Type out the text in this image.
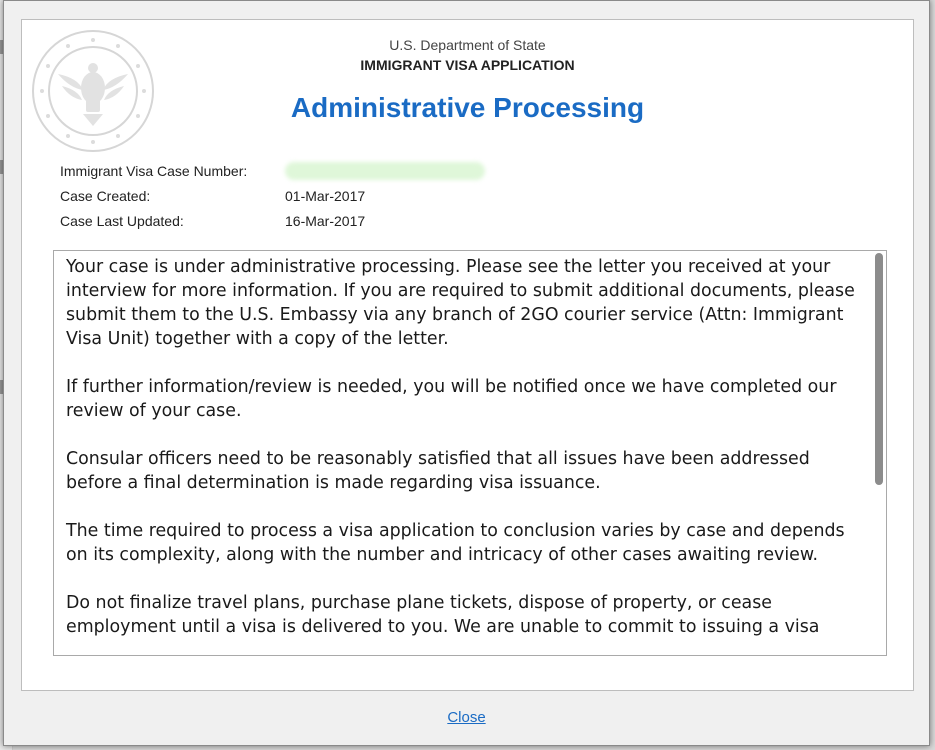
U.S. Department of State
IMMIGRANT VISA APPLICATION
Administrative Processing
Immigrant Visa Case Number:
Case Created:	01-Mar-2017
Case Last Updated:	16-Mar-2017

Your case is under administrative processing. Please see the letter you received at your interview for more information. If you are required to submit additional documents, please submit them to the U.S. Embassy via any branch of 2GO courier service (Attn: Immigrant Visa Unit) together with a copy of the letter.

If further information/review is needed, you will be notified once we have completed our review of your case.

Consular officers need to be reasonably satisfied that all issues have been addressed before a final determination is made regarding visa issuance.

The time required to process a visa application to conclusion varies by case and depends on its complexity, along with the number and intricacy of other cases awaiting review.

Do not finalize travel plans, purchase plane tickets, dispose of property, or cease employment until a visa is delivered to you. We are unable to commit to issuing a visa

Close
